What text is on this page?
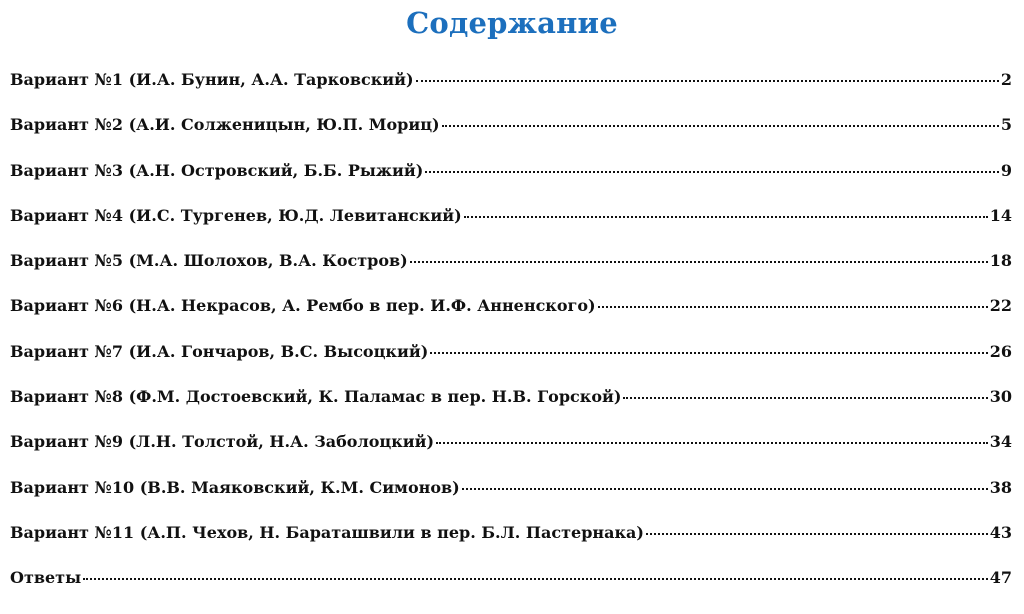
Содержание
Вариант №1 (И.А. Бунин, А.А. Тарковский)	2
Вариант №2 (А.И. Солженицын, Ю.П. Мориц)	5
Вариант №3 (А.Н. Островский, Б.Б. Рыжий)	9
Вариант №4 (И.С. Тургенев, Ю.Д. Левитанский)	14
Вариант №5 (М.А. Шолохов, В.А. Костров)	18
Вариант №6 (Н.А. Некрасов, А. Рембо в пер. И.Ф. Анненского)	22
Вариант №7 (И.А. Гончаров, В.С. Высоцкий)	26
Вариант №8 (Ф.М. Достоевский, К. Паламас в пер. Н.В. Горской)	30
Вариант №9 (Л.Н. Толстой, Н.А. Заболоцкий)	34
Вариант №10 (В.В. Маяковский, К.М. Симонов)	38
Вариант №11 (А.П. Чехов, Н. Бараташвили в пер. Б.Л. Пастернака)	43
Ответы	47
